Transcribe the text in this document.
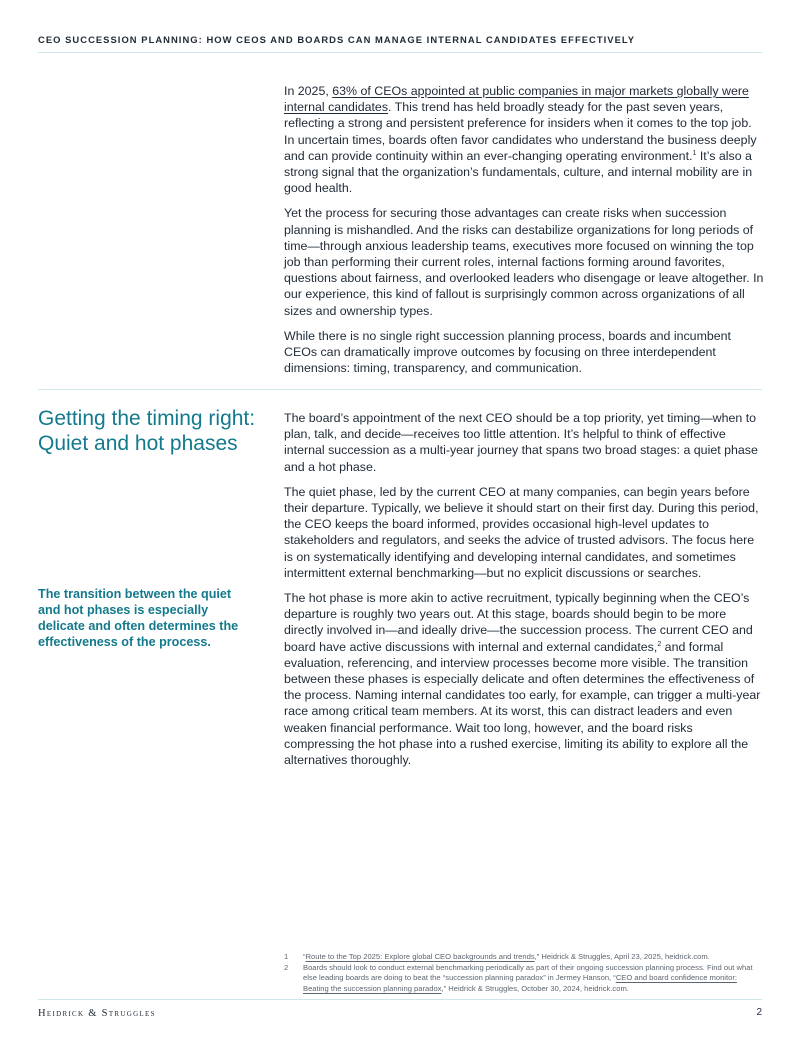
CEO SUCCESSION PLANNING: HOW CEOS AND BOARDS CAN MANAGE INTERNAL CANDIDATES EFFECTIVELY

In 2025, 63% of CEOs appointed at public companies in major markets globally were internal candidates. This trend has held broadly steady for the past seven years, reflecting a strong and persistent preference for insiders when it comes to the top job. In uncertain times, boards often favor candidates who understand the business deeply and can provide continuity within an ever-changing operating environment.$^1$ It’s also a strong signal that the organization’s fundamentals, culture, and internal mobility are in good health.

Yet the process for securing those advantages can create risks when succession planning is mishandled. And the risks can destabilize organizations for long periods of time—through anxious leadership teams, executives more focused on winning the top job than performing their current roles, internal factions forming around favorites, questions about fairness, and overlooked leaders who disengage or leave altogether. In our experience, this kind of fallout is surprisingly common across organizations of all sizes and ownership types.

While there is no single right succession planning process, boards and incumbent CEOs can dramatically improve outcomes by focusing on three interdependent dimensions: timing, transparency, and communication.

Getting the timing right:
Quiet and hot phases

The transition between the quiet and hot phases is especially delicate and often determines the effectiveness of the process.

The board’s appointment of the next CEO should be a top priority, yet timing—when to plan, talk, and decide—receives too little attention. It’s helpful to think of effective internal succession as a multi-year journey that spans two broad stages: a quiet phase and a hot phase.

The quiet phase, led by the current CEO at many companies, can begin years before their departure. Typically, we believe it should start on their first day. During this period, the CEO keeps the board informed, provides occasional high-level updates to stakeholders and regulators, and seeks the advice of trusted advisors. The focus here is on systematically identifying and developing internal candidates, and sometimes intermittent external benchmarking—but no explicit discussions or searches.

The hot phase is more akin to active recruitment, typically beginning when the CEO’s departure is roughly two years out. At this stage, boards should begin to be more directly involved in—and ideally drive—the succession process. The current CEO and board have active discussions with internal and external candidates,$^2$ and formal evaluation, referencing, and interview processes become more visible. The transition between these phases is especially delicate and often determines the effectiveness of the process. Naming internal candidates too early, for example, can trigger a multi-year race among critical team members. At its worst, this can distract leaders and even weaken financial performance. Wait too long, however, and the board risks compressing the hot phase into a rushed exercise, limiting its ability to explore all the alternatives thoroughly.

1	“Route to the Top 2025: Explore global CEO backgrounds and trends,” Heidrick & Struggles, April 23, 2025, heidrick.com.
2	Boards should look to conduct external benchmarking periodically as part of their ongoing succession planning process. Find out what else leading boards are doing to beat the “succession planning paradox” in Jermey Hanson, “CEO and board confidence monitor: Beating the succession planning paradox,” Heidrick & Struggles, October 30, 2024, heidrick.com.
Heidrick & Struggles	2
